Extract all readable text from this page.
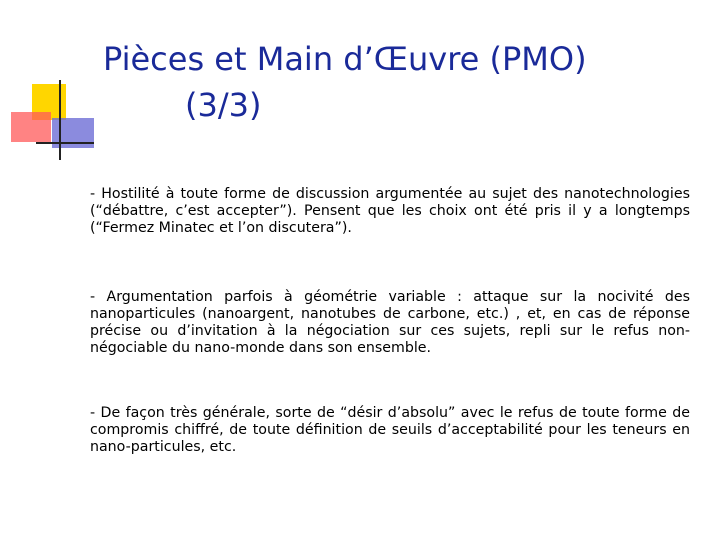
Pièces et Main d’Œuvre (PMO)
(3/3)

- Hostilité à toute forme de discussion argumentée au sujet des nanotechnologies (“débattre, c’est accepter”). Pensent que les choix ont été pris il y a longtemps (“Fermez Minatec et l’on discutera”).

- Argumentation parfois à géométrie variable : attaque sur la nocivité des nanoparticules (nanoargent, nanotubes de carbone, etc.) , et, en cas de réponse précise ou d’invitation à la négociation sur ces sujets, repli sur le refus non-négociable du nano-monde dans son ensemble.

- De façon très générale, sorte de “désir d’absolu” avec le refus de toute forme de compromis chiffré, de toute définition de seuils d’acceptabilité pour les teneurs en nano-particules, etc.
